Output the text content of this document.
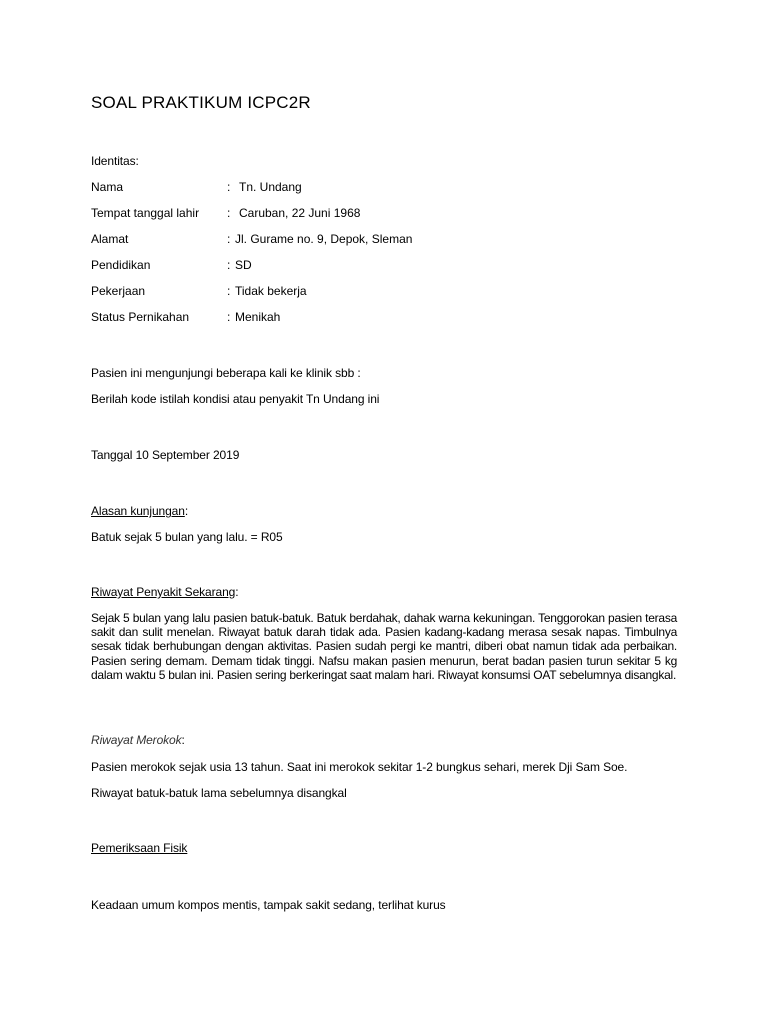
SOAL PRAKTIKUM ICPC2R
Identitas:
Nama	: Tn. Undang
Tempat tanggal lahir : Caruban, 22 Juni 1968
Alamat	: Jl. Gurame no. 9, Depok, Sleman
Pendidikan	: SD
Pekerjaan	: Tidak bekerja
Status Pernikahan	: Menikah
Pasien ini mengunjungi beberapa kali ke klinik sbb :
Berilah kode istilah kondisi atau penyakit Tn Undang ini
Tanggal 10 September 2019
Alasan kunjungan:
Batuk sejak 5 bulan yang lalu. = R05
Riwayat Penyakit Sekarang:
Sejak 5 bulan yang lalu pasien batuk-batuk. Batuk berdahak, dahak warna kekuningan. Tenggorokan pasien terasa sakit dan sulit menelan. Riwayat batuk darah tidak ada. Pasien kadang-kadang merasa sesak napas. Timbulnya sesak tidak berhubungan dengan aktivitas. Pasien sudah pergi ke mantri, diberi obat namun tidak ada perbaikan. Pasien sering demam. Demam tidak tinggi. Nafsu makan pasien menurun, berat badan pasien turun sekitar 5 kg dalam waktu 5 bulan ini. Pasien sering berkeringat saat malam hari. Riwayat konsumsi OAT sebelumnya disangkal.
Riwayat Merokok:
Pasien merokok sejak usia 13 tahun. Saat ini merokok sekitar 1-2 bungkus sehari, merek Dji Sam Soe.
Riwayat batuk-batuk lama sebelumnya disangkal
Pemeriksaan Fisik
Keadaan umum kompos mentis, tampak sakit sedang, terlihat kurus
